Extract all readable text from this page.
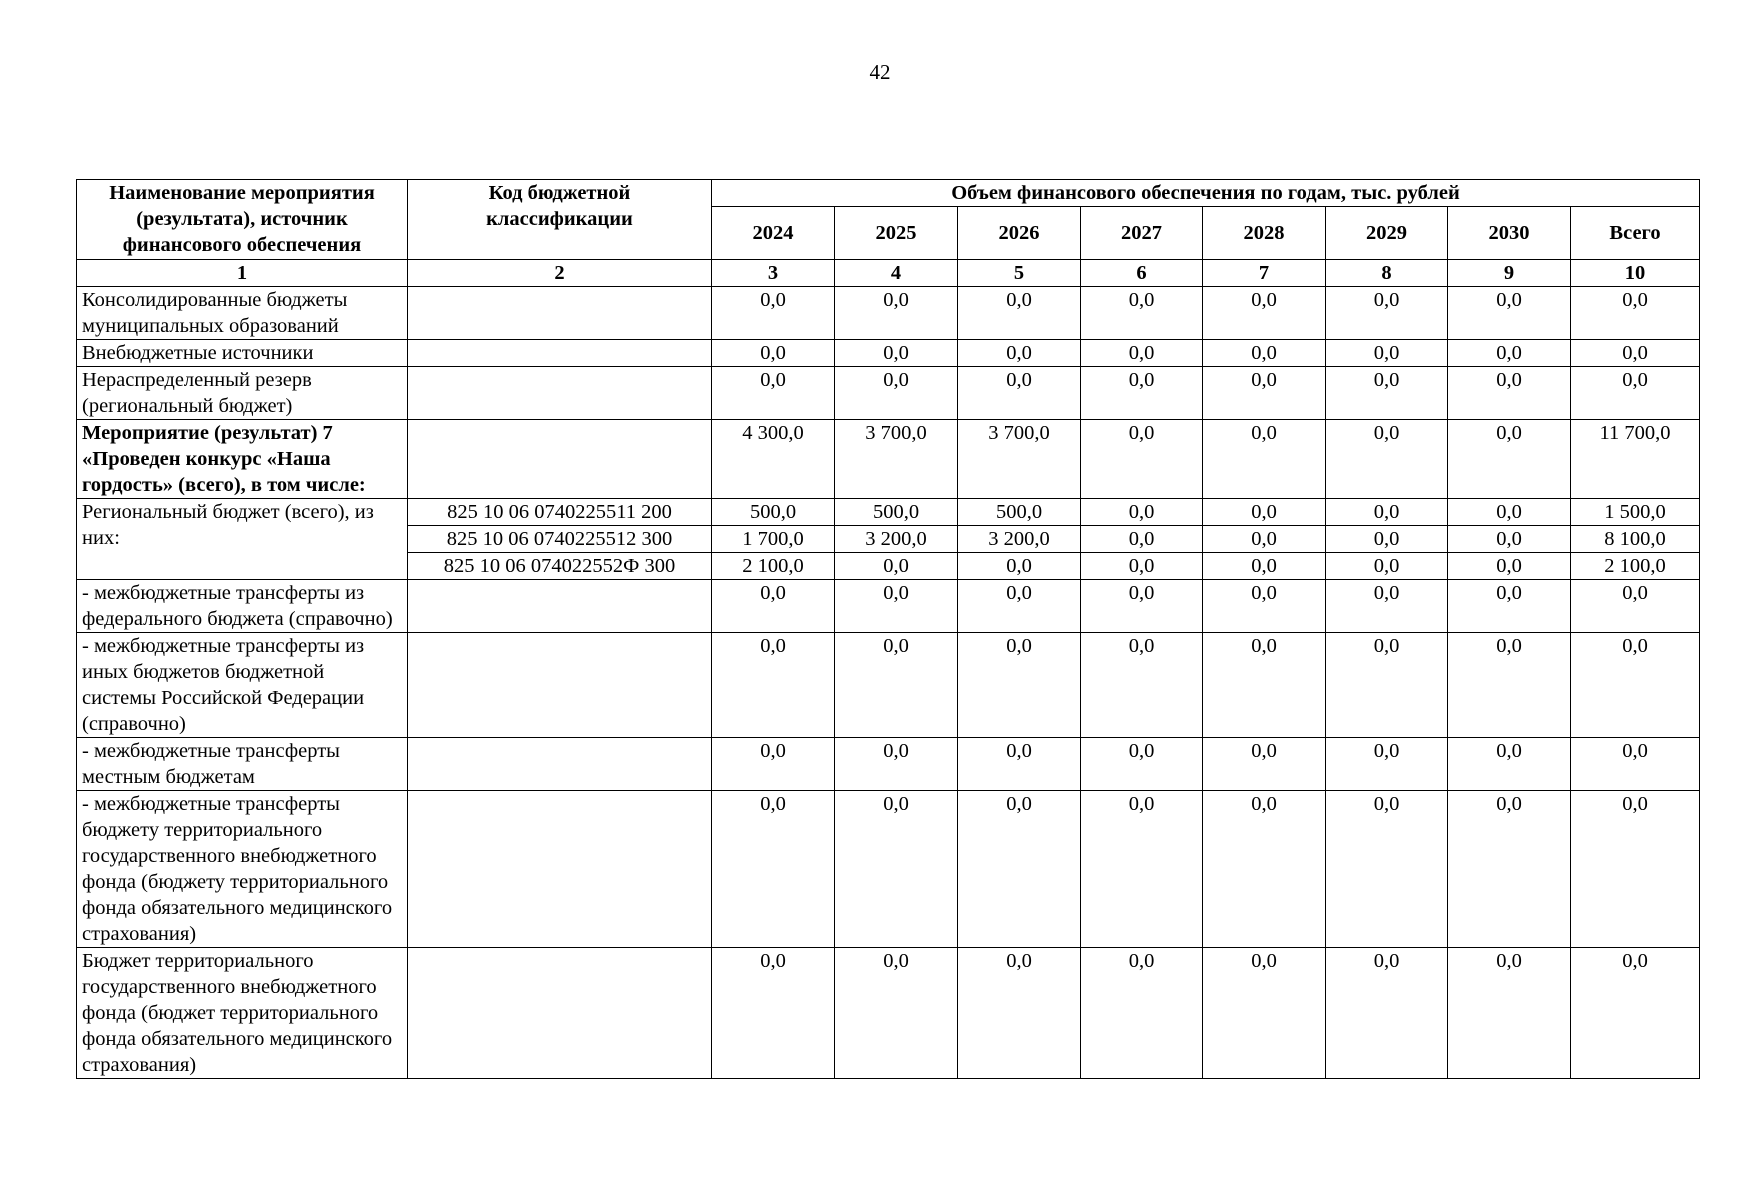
42
Наименование мероприятия (результата), источник финансового обеспечения	Код бюджетной классификации	Объем финансового обеспечения по годам, тыс. рублей							
		2024	2025	2026	2027	2028	2029	2030	Всего
1	2	3	4	5	6	7	8	9	10
Консолидированные бюджеты муниципальных образований		0,0	0,0	0,0	0,0	0,0	0,0	0,0	0,0
Внебюджетные источники		0,0	0,0	0,0	0,0	0,0	0,0	0,0	0,0
Нераспределенный резерв (региональный бюджет)		0,0	0,0	0,0	0,0	0,0	0,0	0,0	0,0
Мероприятие (результат) 7 «Проведен конкурс «Наша гордость» (всего), в том числе:		4 300,0	3 700,0	3 700,0	0,0	0,0	0,0	0,0	11 700,0
Региональный бюджет (всего), из них:	825 10 06 0740225511 200	500,0	500,0	500,0	0,0	0,0	0,0	0,0	1 500,0
	825 10 06 0740225512 300	1 700,0	3 200,0	3 200,0	0,0	0,0	0,0	0,0	8 100,0
	825 10 06 074022552Ф 300	2 100,0	0,0	0,0	0,0	0,0	0,0	0,0	2 100,0
- межбюджетные трансферты из федерального бюджета (справочно)		0,0	0,0	0,0	0,0	0,0	0,0	0,0	0,0
- межбюджетные трансферты из иных бюджетов бюджетной системы Российской Федерации (справочно)		0,0	0,0	0,0	0,0	0,0	0,0	0,0	0,0
- межбюджетные трансферты местным бюджетам		0,0	0,0	0,0	0,0	0,0	0,0	0,0	0,0
- межбюджетные трансферты бюджету территориального государственного внебюджетного фонда (бюджету территориального фонда обязательного медицинского страхования)		0,0	0,0	0,0	0,0	0,0	0,0	0,0	0,0
Бюджет территориального государственного внебюджетного фонда (бюджет территориального фонда обязательного медицинского страхования)		0,0	0,0	0,0	0,0	0,0	0,0	0,0	0,0
